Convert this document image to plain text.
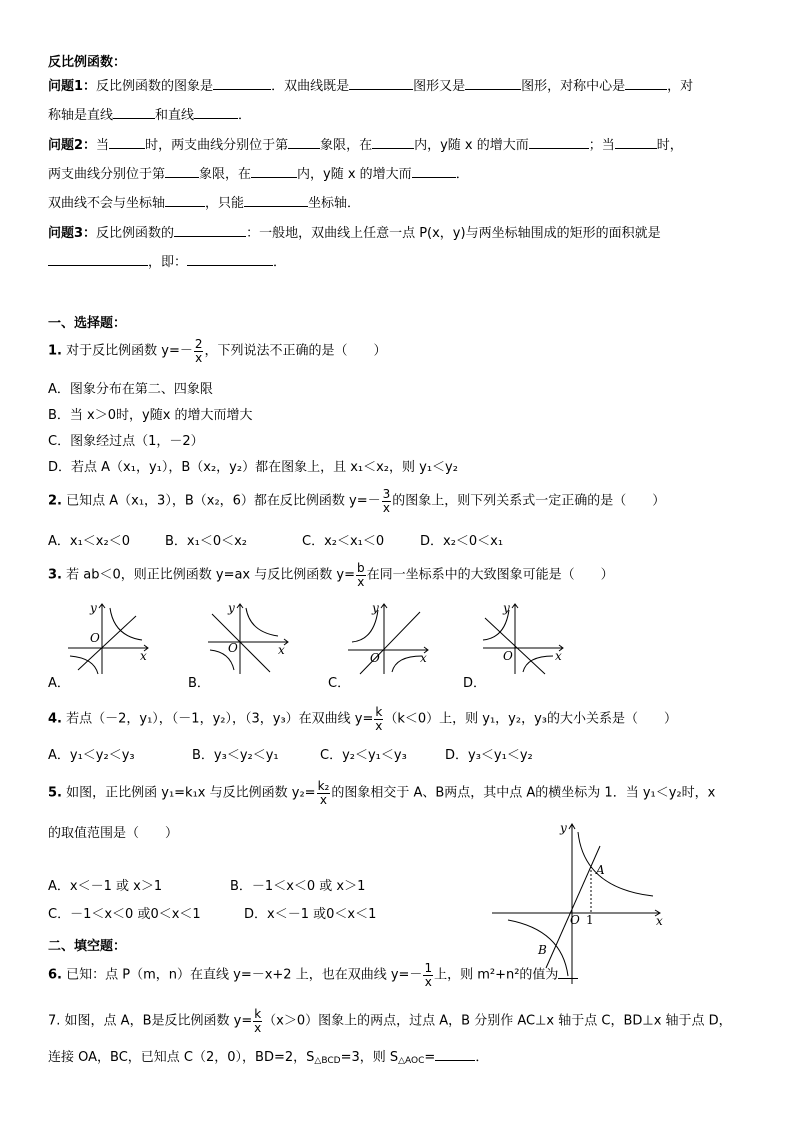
反比例函数：
问题1：反比例函数的图象是	．双曲线既是	图形又是	图形，对称中心是	，对
称轴是直线	和直线	．
问题2：当	时，两支曲线分别位于第 象限，在	内，y随 x 的增大而	；当	时，
两支曲线分别位于第	象限，在	内，y随 x 的增大而	．
双曲线不会与坐标轴	，只能	坐标轴．
问题3：反比例函数的	：一般地，双曲线上任意一点 P(x，y)与两坐标轴围成的矩形的面积就是
，即：	．
一、选择题：
1. 对于反比例函数 $y=- \frac{2}{x}$ ，下列说法不正确的是（　　）
A．图象分布在第二、四象限
B．当 x＞0时，y随x 的增大而增大
C．图象经过点（1，－2）
D．若点 A（x₁，y₁），B（x₂，y₂）都在图象上，且 x₁＜x₂，则 y₁＜y₂
2. 已知点 A（x₁，3），B（x₂，6）都在反比例函数 $y=- \frac{3}{x}$ 的图象上，则下列关系式一定正确的是（　　）
A．x₁＜x₂＜0	B．x₁＜0＜x₂	C．x₂＜x₁＜0	D．x₂＜0＜x₁
3. 若 ab＜0，则正比例函数 y=ax 与反比例函数 $y= \frac{b}{x}$ 在同一坐标系中的大致图象可能是（　　）
y
x
O
A．
y
x
O
B．
y
x
O
C．
y
x
O
D．
4. 若点（－2，y₁），（－1，y₂），（3，y₃）在双曲线 $y= \frac{k}{x} (k<0)$上，则 y₁，y₂，y₃的大小关系是（　　）
A．y₁＜y₂＜y₃	B．y₃＜y₂＜y₁	C．y₂＜y₁＜y₃	D．y₃＜y₁＜y₂
5. 如图，正比例函 y₁=k₁x 与反比例函数 $y_2= \frac{\text{k₂}}{x}$ 的图象相交于 A、B两点，其中点 A的横坐标为 1．当 y₁＜y₂时，x
的取值范围是（　　）
A．x＜－1 或 x＞1	B．－1＜x＜0 或 x＞1
C．－1＜x＜0 或0＜x＜1	D．x＜－1 或0＜x＜1
y
x
O 1
A
B
二、填空题：
6. 已知：点 P（m，n）在直线 y=－x+2 上，也在双曲线 $y=- \frac{1}{x}$ 上，则 m²+n²的值为
7. 如图，点 A，B是反比例函数 $y= \frac{k}{x} (x>0)$图象上的两点，过点 A，B 分别作 AC⊥x 轴于点 C，BD⊥x 轴于点 D，
连接 OA，BC，已知点 C（2，0），BD=2，$S_{\triangle BCD}=3$，则 $S_{\triangle AOC}=$	．
